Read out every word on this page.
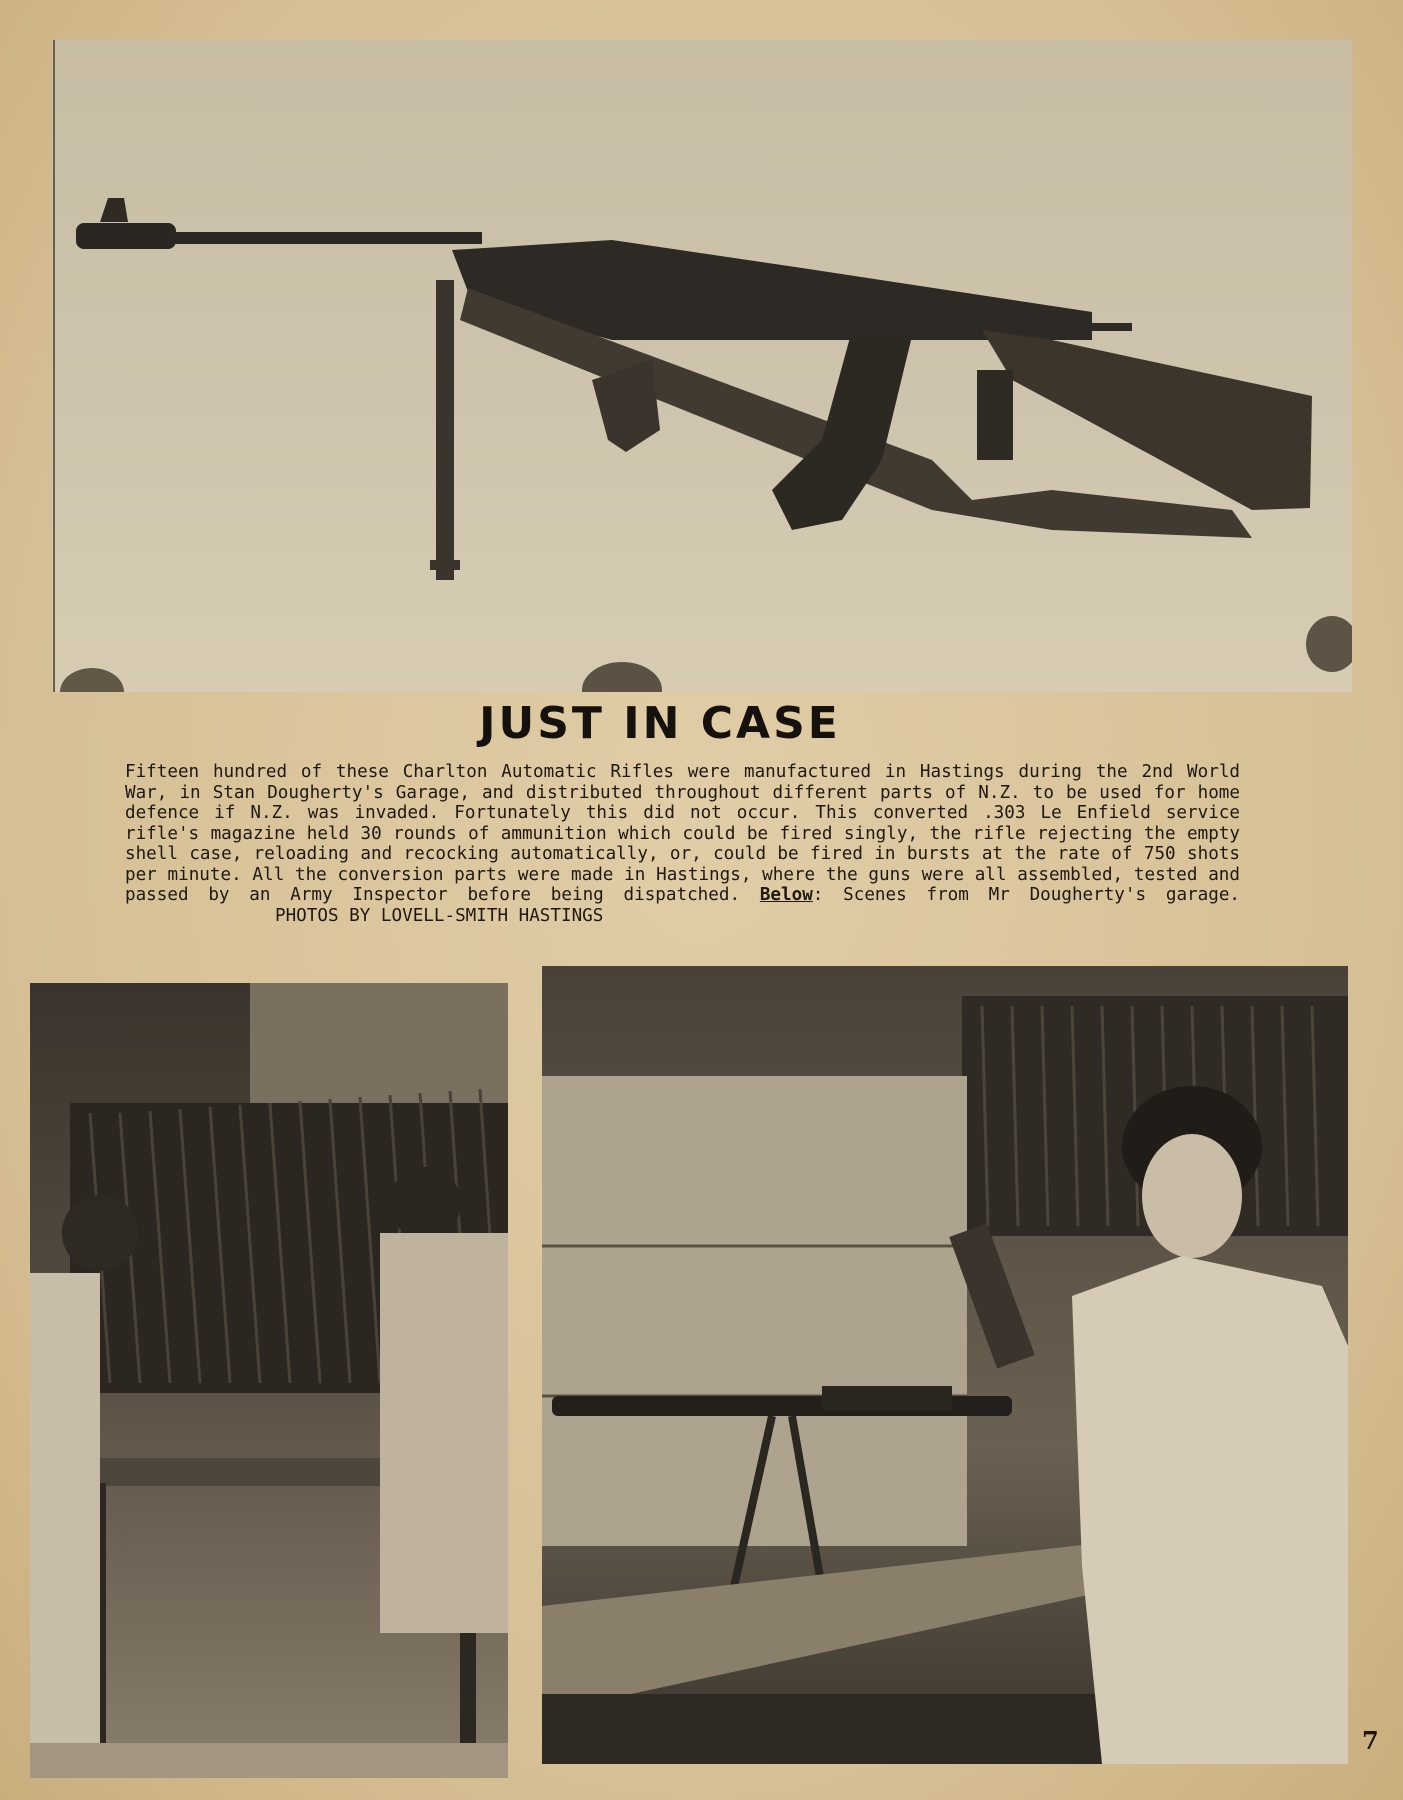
JUST IN CASE
Fifteen hundred of these Charlton Automatic Rifles were manufactured in Hastings during the 2nd World War, in Stan Dougherty's Garage, and distributed throughout different parts of N.Z. to be used for home defence if N.Z. was invaded. Fortunately this did not occur. This converted .303 Le Enfield service rifle's magazine held 30 rounds of ammunition which could be fired singly, the rifle rejecting the empty shell case, reloading and recocking automatically, or, could be fired in bursts at the rate of 750 shots per minute. All the conversion parts were made in Hastings, where the guns were all assembled, tested and passed by an Army Inspector before being dispatched. Below: Scenes from Mr Dougherty's garage. PHOTOS BY LOVELL-SMITH HASTINGS
7
